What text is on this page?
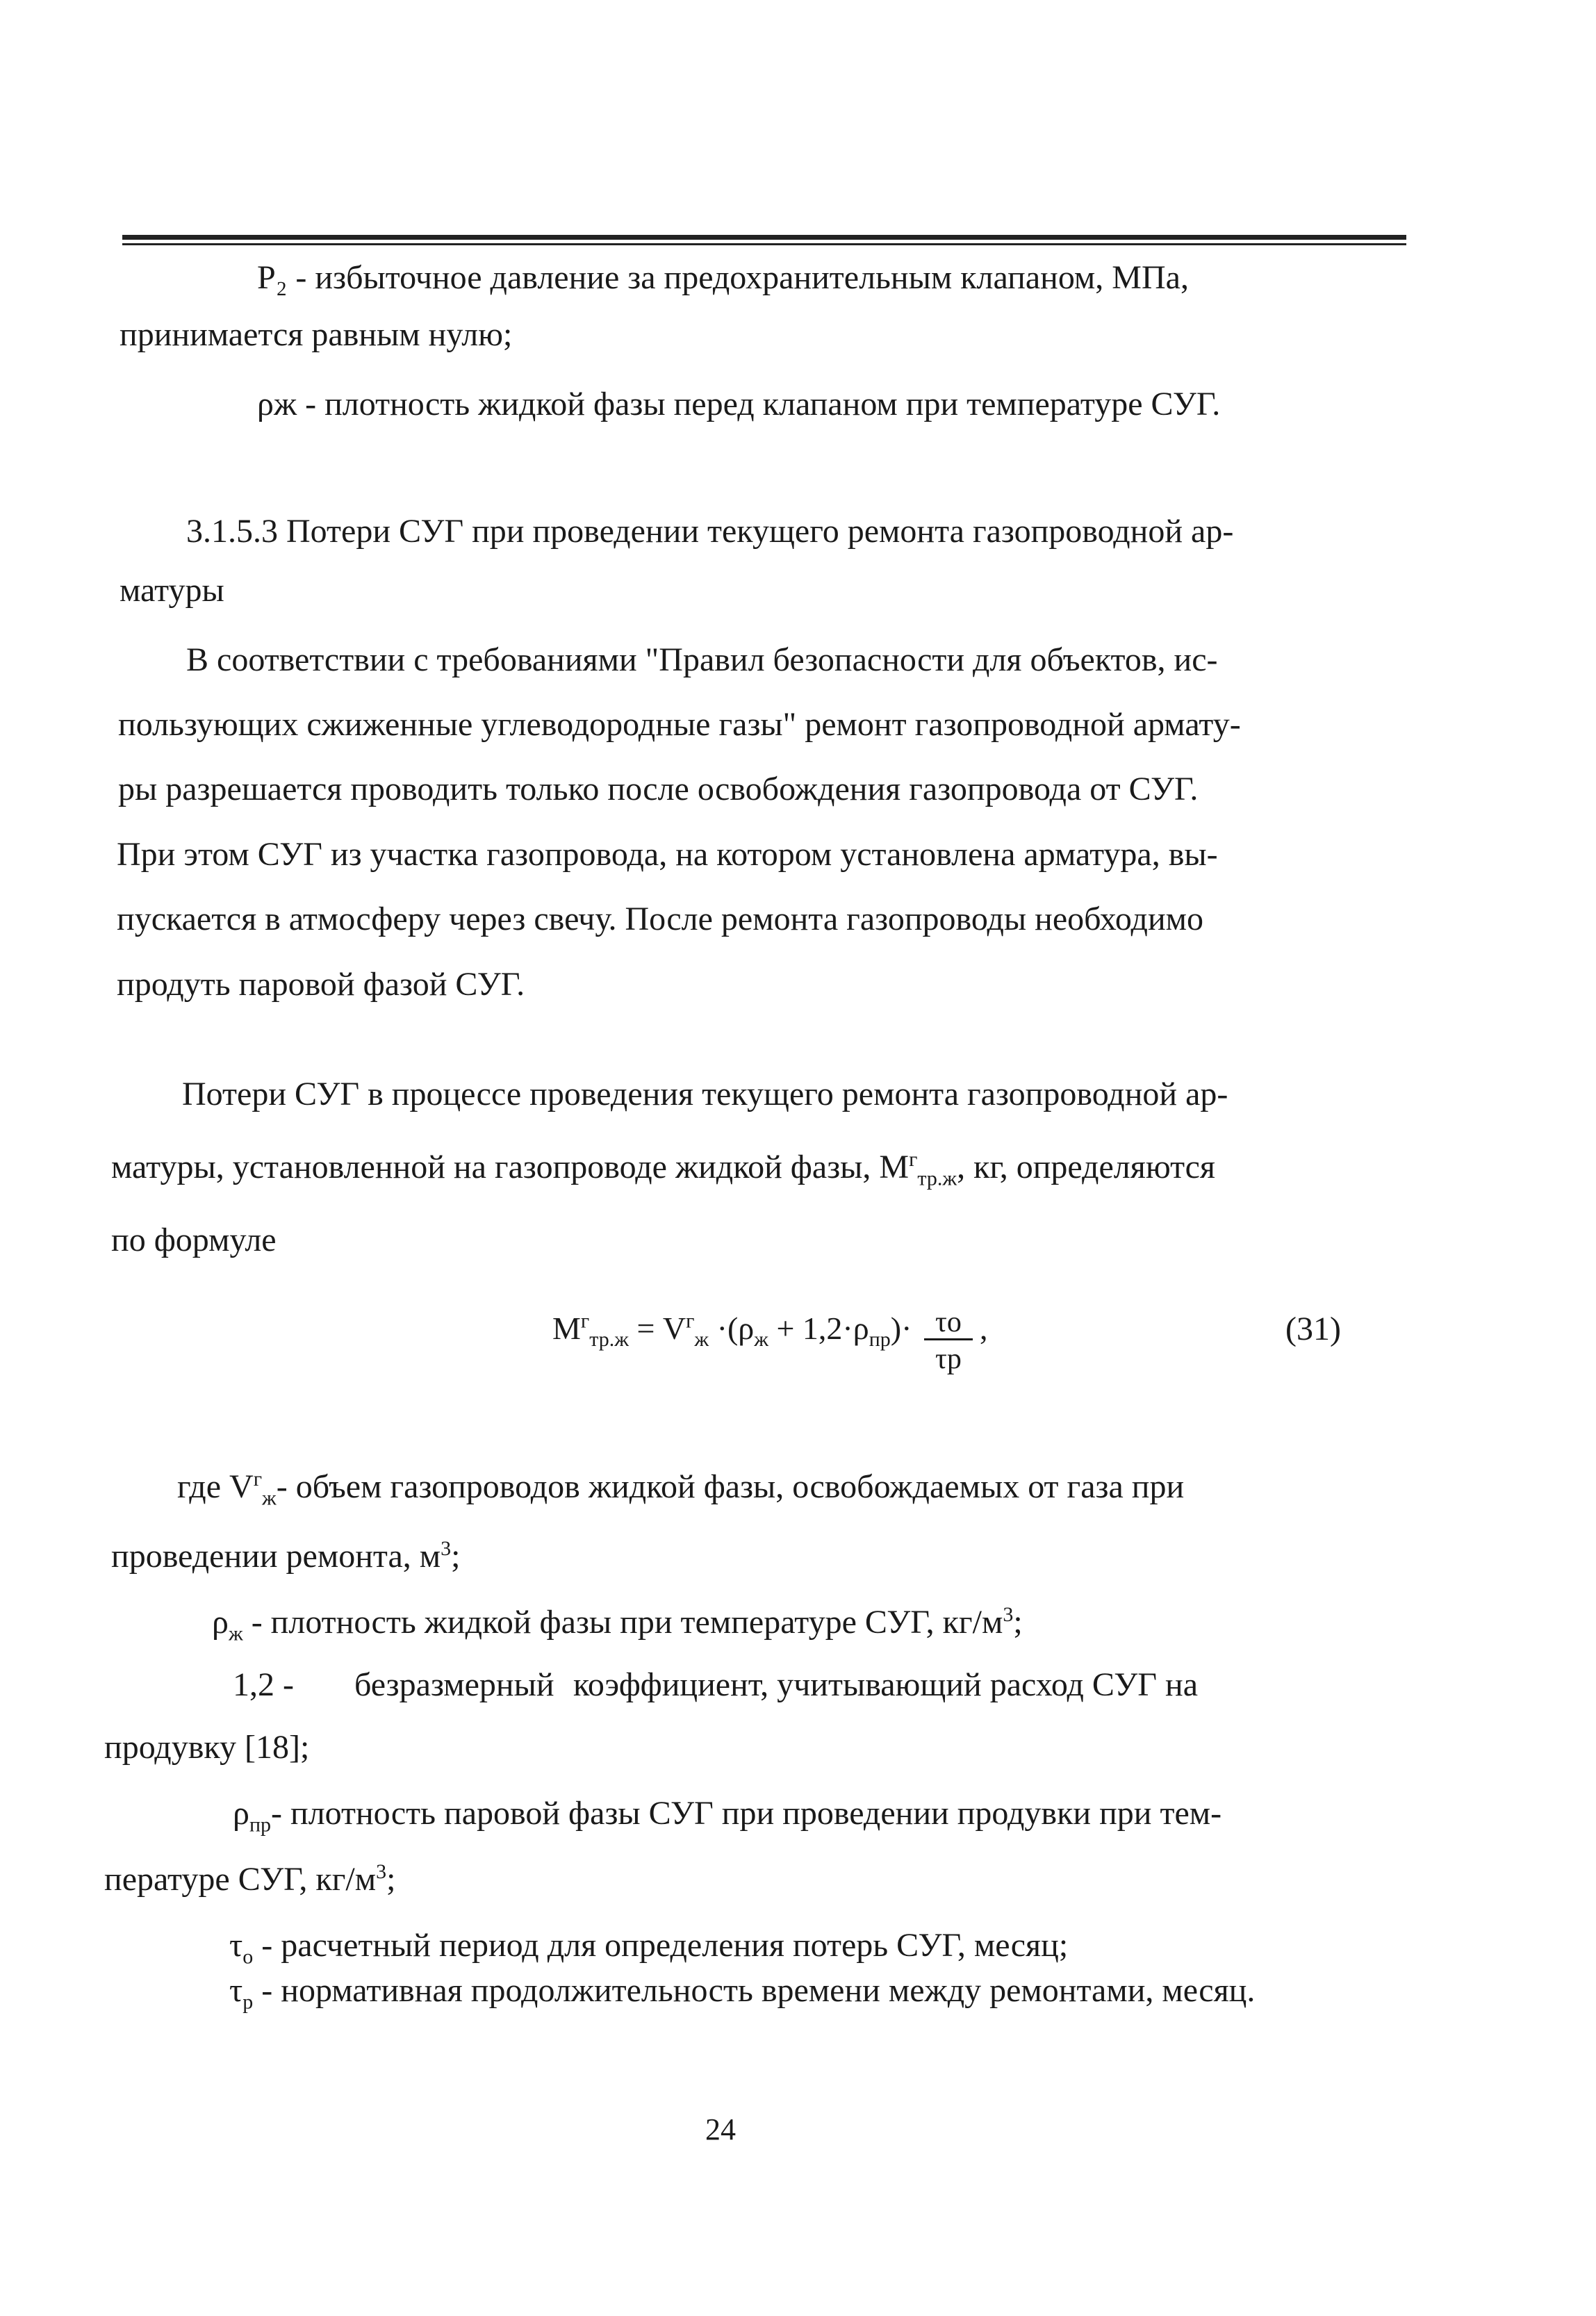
Р₂ - избыточное давление за предохранительным клапаном, МПа,
принимается равным нулю;
ρж - плотность жидкой фазы перед клапаном при температуре СУГ.
3.1.5.3 Потери СУГ при проведении текущего ремонта газопроводной ар-
матуры
В соответствии с требованиями "Правил безопасности для объектов, ис-
пользующих сжиженные углеводородные газы" ремонт газопроводной армату-
ры разрешается проводить только после освобождения газопровода от СУГ.
При этом СУГ из участка газопровода, на котором установлена арматура, вы-
пускается в атмосферу через свечу. После ремонта газопроводы необходимо
продуть паровой фазой СУГ.
Потери СУГ в процессе проведения текущего ремонта газопроводной ар-
матуры, установленной на газопроводе жидкой фазы, $М^г_{тр.ж}$, кг, определяются
по формуле
$М^г_{тр.ж} = V^г_ж \cdot(\rho_ж + 1,2\cdot\rho_{пр})\cdot \tau о$
τр
,	(31)
где $V^г_ж-$ объем газопроводов жидкой фазы, освобождаемых от газа при
проведении ремонта, $м^3$;
$\rho_ж$ - плотность жидкой фазы при температуре СУГ, $кг/м^3$;
1,2 - безразмерный коэффициент, учитывающий расход СУГ на
продувку [18];
$\rho_{пр}-$ плотность паровой фазы СУГ при проведении продувки при тем-
пературе СУГ, $кг/м^3$;
$\tau_о$ - расчетный период для определения потерь СУГ, месяц;
$\tau_р$ - нормативная продолжительность времени между ремонтами, месяц.
24
